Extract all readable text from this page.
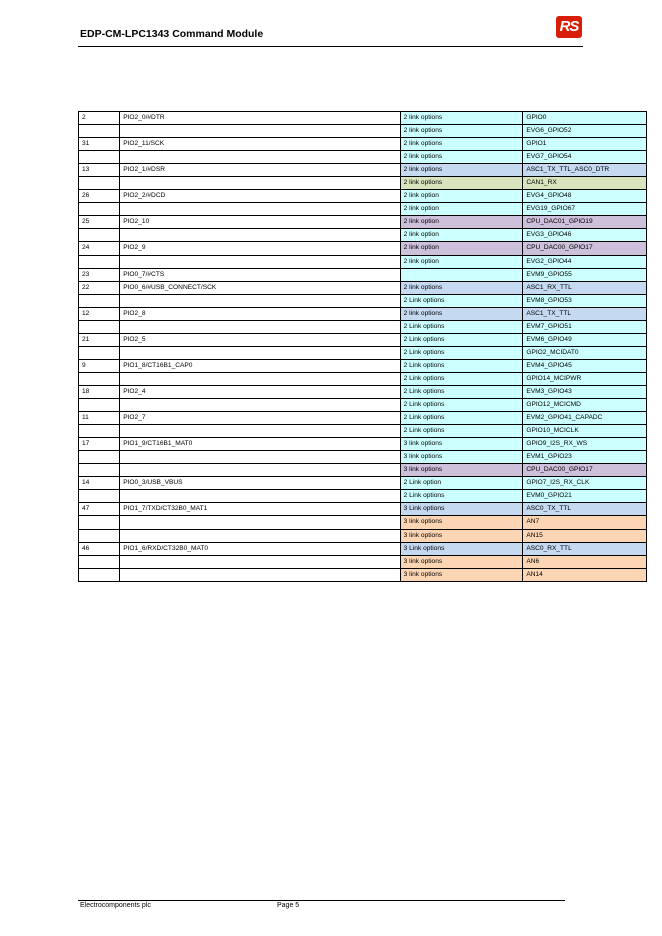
EDP-CM-LPC1343 Command Module	RS
2	PIO2_0/#DTR	2 link options	GPIO0
		2 link options	EVG6_GPIO52
31	PIO2_11/SCK	2 link options	GPIO1
		2 link options	EVG7_GPIO54
13	PIO2_1/#DSR	2 link options	ASC1_TX_TTL_ASC0_DTR
		2 link options	CAN1_RX
26	PIO2_2/#DCD	2 link option	EVG4_GPIO48
		2 link option	EVG19_GPIO67
25	PIO2_10	2 link option	CPU_DAC01_GPIO19
		2 link option	EVG3_GPIO46
24	PIO2_9	2 link option	CPU_DAC00_GPIO17
		2 link option	EVG2_GPIO44
23	PIO0_7/#CTS		EVM9_GPIO55
22	PIO0_6/#USB_CONNECT/SCK	2 link options	ASC1_RX_TTL
		2 Link options	EVM8_GPIO53
12	PIO2_8	2 link options	ASC1_TX_TTL
		2 Link options	EVM7_GPIO51
21	PIO2_5	2 Link options	EVM6_GPIO49
		2 Link options	GPIO2_MCIDAT0
9	PIO1_8/CT16B1_CAP0	2 Link options	EVM4_GPIO45
		2 Link options	GPIO14_MCIPWR
18	PIO2_4	2 Link options	EVM3_GPIO43
		2 Link options	GPIO12_MCICMD
11	PIO2_7	2 Link options	EVM2_GPIO41_CAPADC
		2 Link options	GPIO10_MCICLK
17	PIO1_9/CT16B1_MAT0	3 link options	GPIO9_I2S_RX_WS
		3 link options	EVM1_GPIO23
		3 link options	CPU_DAC00_GPIO17
14	PIO0_3/USB_VBUS	2 Link option	GPIO7_I2S_RX_CLK
		2 Link options	EVM0_GPIO21
47	PIO1_7/TXD/CT32B0_MAT1	3 Link options	ASC0_TX_TTL
		3 link options	AN7
		3 link options	AN15
46	PIO1_6/RXD/CT32B0_MAT0	3 Link options	ASC0_RX_TTL
		3 link options	AN6
		3 link options	AN14
Electrocomponents plc	Page 5
